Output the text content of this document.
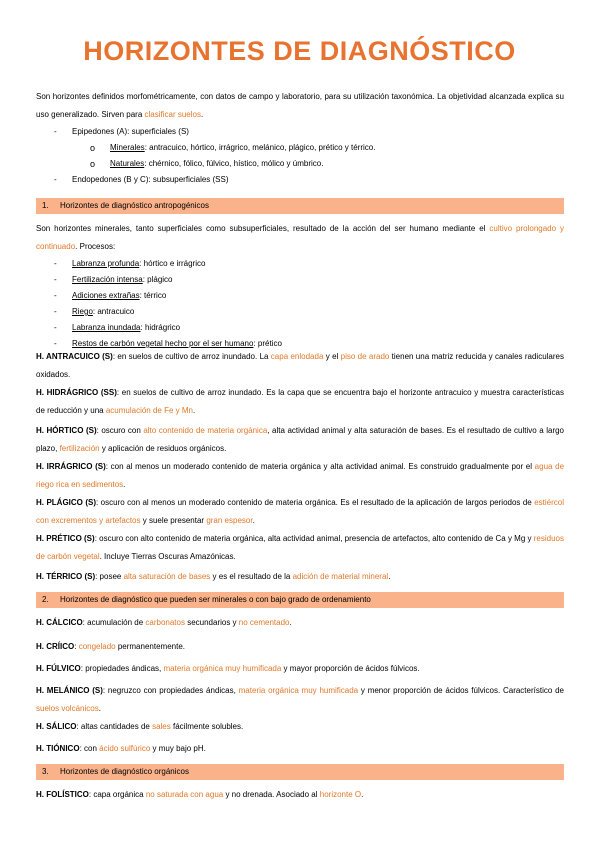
HORIZONTES DE DIAGNÓSTICO

Son horizontes definidos morfométricamente, con datos de campo y laboratorio, para su utilización taxonómica. La objetividad alcanzada explica su uso generalizado. Sirven para clasificar suelos.

- Epipedones (A): superficiales (S)
o Minerales: antracuico, hórtico, irrágrico, melánico, plágico, prético y térrico.
o Naturales: chérnico, fólico, fúlvico, hístico, mólico y úmbrico.
- Endopedones (B y C): subsuperficiales (SS)
1. Horizontes de diagnóstico antropogénicos

Son horizontes minerales, tanto superficiales como subsuperficiales, resultado de la acción del ser humano mediante el cultivo prolongado y continuado. Procesos:

- Labranza profunda: hórtico e irrágrico
- Fertilización intensa: plágico
- Adiciones extrañas: térrico
- Riego: antracuico
- Labranza inundada: hidrágrico
- Restos de carbón vegetal hecho por el ser humano: prético

H. ANTRACUICO (S): en suelos de cultivo de arroz inundado. La capa enlodada y el piso de arado tienen una matriz reducida y canales radiculares oxidados.

H. HIDRÁGRICO (SS): en suelos de cultivo de arroz inundado. Es la capa que se encuentra bajo el horizonte antracuico y muestra características de reducción y una acumulación de Fe y Mn.

H. HÓRTICO (S): oscuro con alto contenido de materia orgánica, alta actividad animal y alta saturación de bases. Es el resultado de cultivo a largo plazo, fertilización y aplicación de residuos orgánicos.

H. IRRÁGRICO (S): con al menos un moderado contenido de materia orgánica y alta actividad animal. Es construido gradualmente por el agua de riego rica en sedimentos.

H. PLÁGICO (S): oscuro con al menos un moderado contenido de materia orgánica. Es el resultado de la aplicación de largos periodos de estiércol con excrementos y artefactos y suele presentar gran espesor.

H. PRÉTICO (S): oscuro con alto contenido de materia orgánica, alta actividad animal, presencia de artefactos, alto contenido de Ca y Mg y residuos de carbón vegetal. Incluye Tierras Oscuras Amazónicas.

H. TÉRRICO (S): posee alta saturación de bases y es el resultado de la adición de material mineral.

2. Horizontes de diagnóstico que pueden ser minerales o con bajo grado de ordenamiento

H. CÁLCICO: acumulación de carbonatos secundarios y no cementado.

H. CRÍICO: congelado permanentemente.

H. FÚLVICO: propiedades ándicas, materia orgánica muy humificada y mayor proporción de ácidos fúlvicos.

H. MELÁNICO (S): negruzco con propiedades ándicas, materia orgánica muy humificada y menor proporción de ácidos fúlvicos. Característico de suelos volcánicos.

H. SÁLICO: altas cantidades de sales fácilmente solubles.

H. TIÓNICO: con ácido sulfúrico y muy bajo pH.

3. Horizontes de diagnóstico orgánicos

H. FOLÍSTICO: capa orgánica no saturada con agua y no drenada. Asociado al horizonte O.
